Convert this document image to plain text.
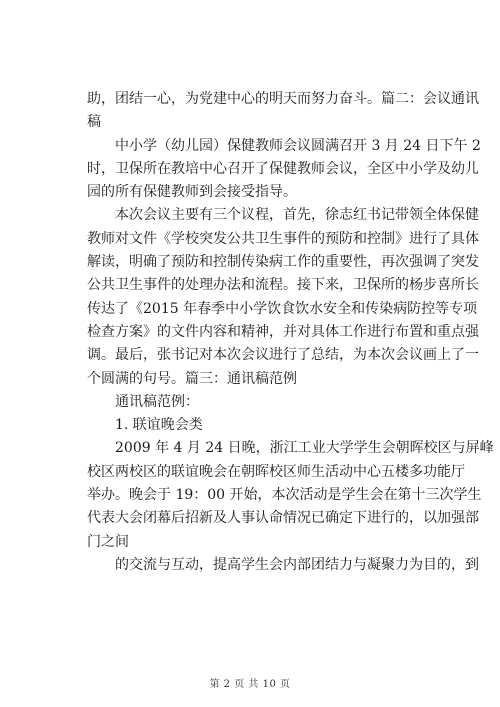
助，团结一心，为党建中心的明天而努力奋斗。篇二：会议通讯
稿
中小学（幼儿园）保健教师会议圆满召开 3 月 24 日下午 2
时，卫保所在教培中心召开了保健教师会议，全区中小学及幼儿
园的所有保健教师到会接受指导。
本次会议主要有三个议程，首先，徐志红书记带领全体保健
教师对文件《学校突发公共卫生事件的预防和控制》进行了具体
解读，明确了预防和控制传染病工作的重要性，再次强调了突发
公共卫生事件的处理办法和流程。接下来，卫保所的杨步喜所长
传达了《2015 年春季中小学饮食饮水安全和传染病防控等专项
检查方案》的文件内容和精神，并对具体工作进行布置和重点强
调。最后，张书记对本次会议进行了总结，为本次会议画上了一
个圆满的句号。篇三：通讯稿范例
通讯稿范例：
1. 联谊晚会类
2009 年 4 月 24 日晚，浙江工业大学学生会朝晖校区与屏峰
校区两校区的联谊晚会在朝晖校区师生活动中心五楼多功能厅
举办。晚会于 19：00 开始，本次活动是学生会在第十三次学生
代表大会闭幕后招新及人事认命情况已确定下进行的，以加强部
门之间
的交流与互动，提高学生会内部团结力与凝聚力为目的，到
第 2 页 共 10 页
